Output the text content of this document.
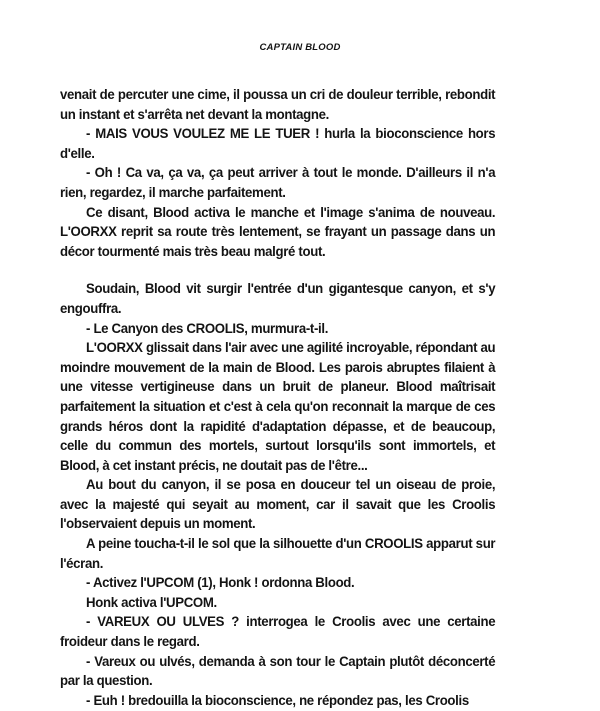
CAPTAIN BLOOD

venait de percuter une cime, il poussa un cri de douleur terrible, rebondit un instant et s'arrêta net devant la montagne.

- MAIS VOUS VOULEZ ME LE TUER ! hurla la bioconscience hors d'elle.

- Oh ! Ca va, ça va, ça peut arriver à tout le monde. D'ailleurs il n'a rien, regardez, il marche parfaitement.

Ce disant, Blood activa le manche et l'image s'anima de nouveau. L'OORXX reprit sa route très lentement, se frayant un passage dans un décor tourmenté mais très beau malgré tout.

Soudain, Blood vit surgir l'entrée d'un gigantesque canyon, et s'y engouffra.

- Le Canyon des CROOLIS, murmura-t-il.

L'OORXX glissait dans l'air avec une agilité incroyable, répondant au moindre mouvement de la main de Blood. Les parois abruptes filaient à une vitesse vertigineuse dans un bruit de planeur. Blood maîtrisait parfaitement la situation et c'est à cela qu'on reconnait la marque de ces grands héros dont la rapidité d'adaptation dépasse, et de beaucoup, celle du commun des mortels, surtout lorsqu'ils sont immortels, et Blood, à cet instant précis, ne doutait pas de l'être...

Au bout du canyon, il se posa en douceur tel un oiseau de proie, avec la majesté qui seyait au moment, car il savait que les Croolis l'observaient depuis un moment.

A peine toucha-t-il le sol que la silhouette d'un CROOLIS apparut sur l'écran.

- Activez l'UPCOM (1), Honk ! ordonna Blood.

Honk activa l'UPCOM.

- VAREUX OU ULVES ? interrogea le Croolis avec une certaine froideur dans le regard.

- Vareux ou ulvés, demanda à son tour le Captain plutôt déconcerté par la question.

- Euh ! bredouilla la bioconscience, ne répondez pas, les Croolis
